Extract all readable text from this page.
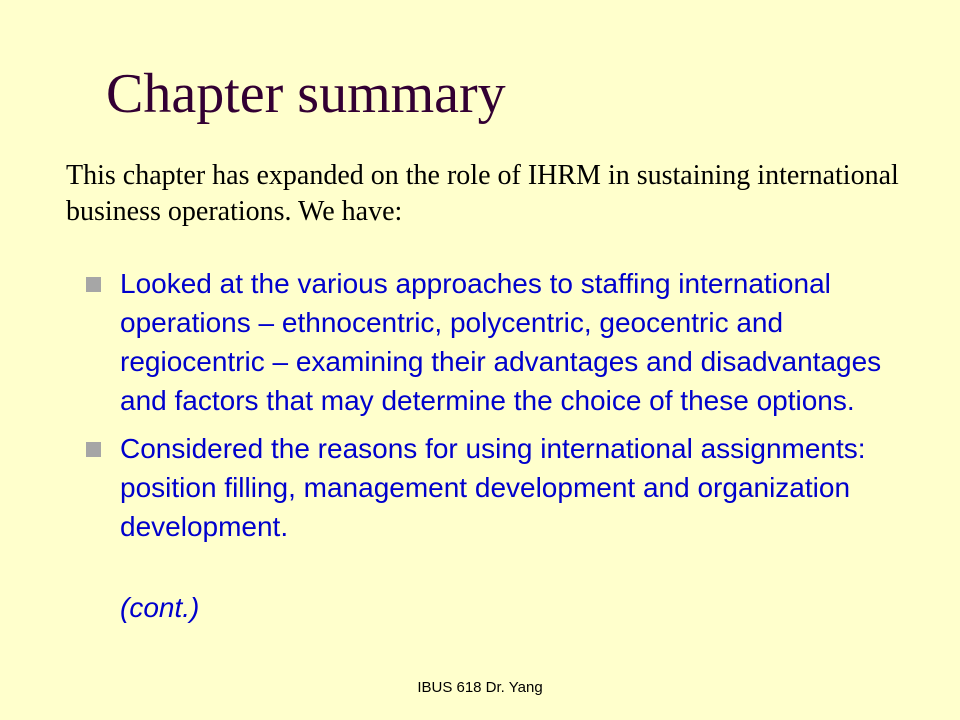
Chapter summary
This chapter has expanded on the role of IHRM in sustaining international business operations. We have:
Looked at the various approaches to staffing international operations – ethnocentric, polycentric, geocentric and regiocentric – examining their advantages and disadvantages and factors that may determine the choice of these options.
Considered the reasons for using international assignments: position filling, management development and organization development.
(cont.)
IBUS 618 Dr. Yang
